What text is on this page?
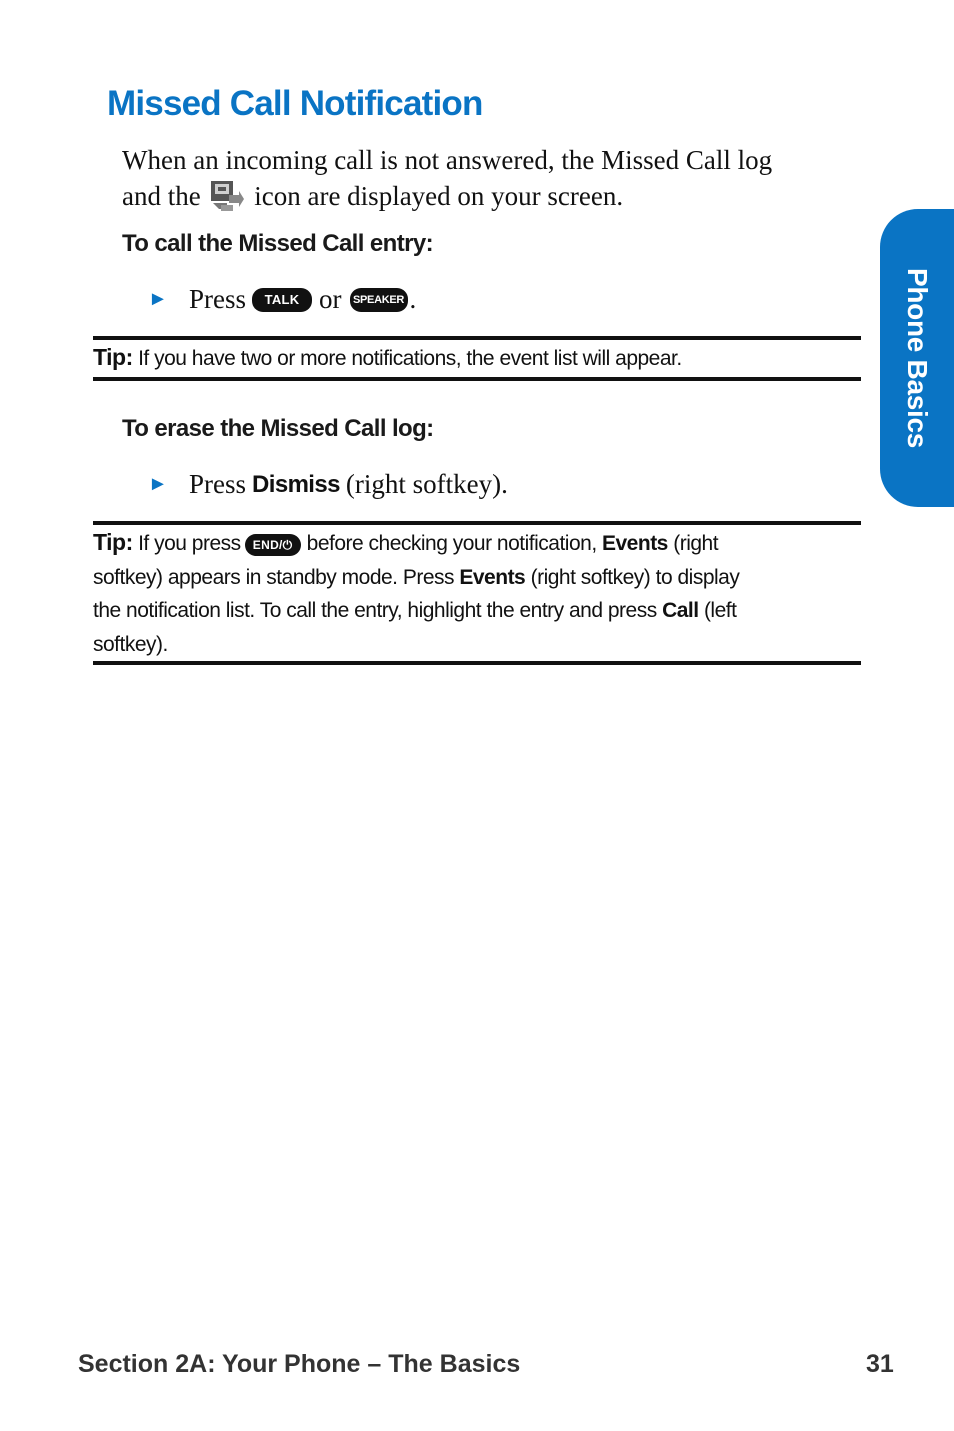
Missed Call Notification

When an incoming call is not answered, the Missed Call log

and the icon are displayed on your screen.

To call the Missed Call entry:
► Press	TALK or	SPEAKER .

Tip: If you have two or more notifications, the event list will appear.

To erase the Missed Call log:
► Press Dismiss (right softkey).

Tip: If you press END/⏻ before checking your notification, Events (right

softkey) appears in standby mode. Press Events (right softkey) to display

the notification list. To call the entry, highlight the entry and press Call (left

softkey).

Phone Basics
Section 2A: Your Phone – The Basics	31
